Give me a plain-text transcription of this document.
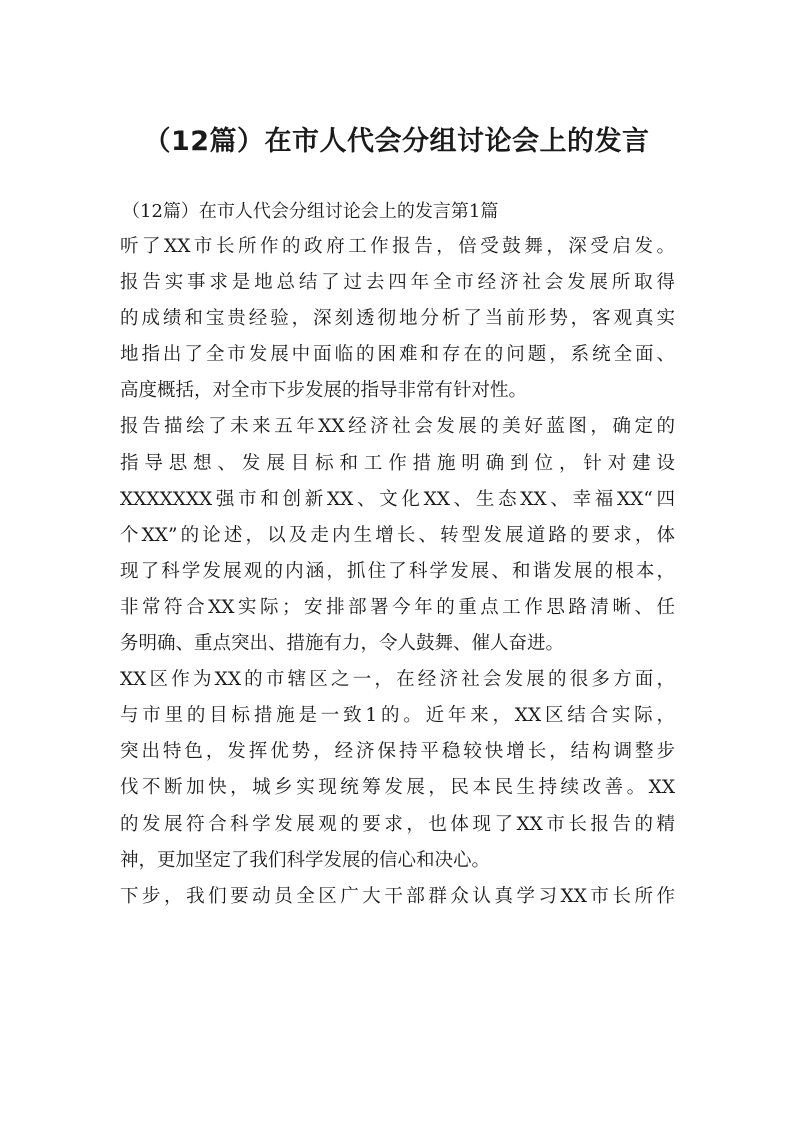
（12篇）在市人代会分组讨论会上的发言

（12篇）在市人代会分组讨论会上的发言第1篇

听了XX市长所作的政府工作报告，倍受鼓舞，深受启发。
报告实事求是地总结了过去四年全市经济社会发展所取得
的成绩和宝贵经验，深刻透彻地分析了当前形势，客观真实
地指出了全市发展中面临的困难和存在的问题，系统全面、
高度概括，对全市下步发展的指导非常有针对性。

报告描绘了未来五年XX经济社会发展的美好蓝图，确定的
指导思想、发展目标和工作措施明确到位，针对建设
XXXXXXX强市和创新XX、文化XX、生态XX、幸福XX“四
个XX”的论述，以及走内生增长、转型发展道路的要求，体
现了科学发展观的内涵，抓住了科学发展、和谐发展的根本，
非常符合XX实际；安排部署今年的重点工作思路清晰、任
务明确、重点突出、措施有力，令人鼓舞、催人奋进。

XX区作为XX的市辖区之一，在经济社会发展的很多方面，
与市里的目标措施是一致1的。近年来，XX区结合实际，
突出特色，发挥优势，经济保持平稳较快增长，结构调整步
伐不断加快，城乡实现统筹发展，民本民生持续改善。XX
的发展符合科学发展观的要求，也体现了XX市长报告的精
神，更加坚定了我们科学发展的信心和决心。

下步，我们要动员全区广大干部群众认真学习XX市长所作
